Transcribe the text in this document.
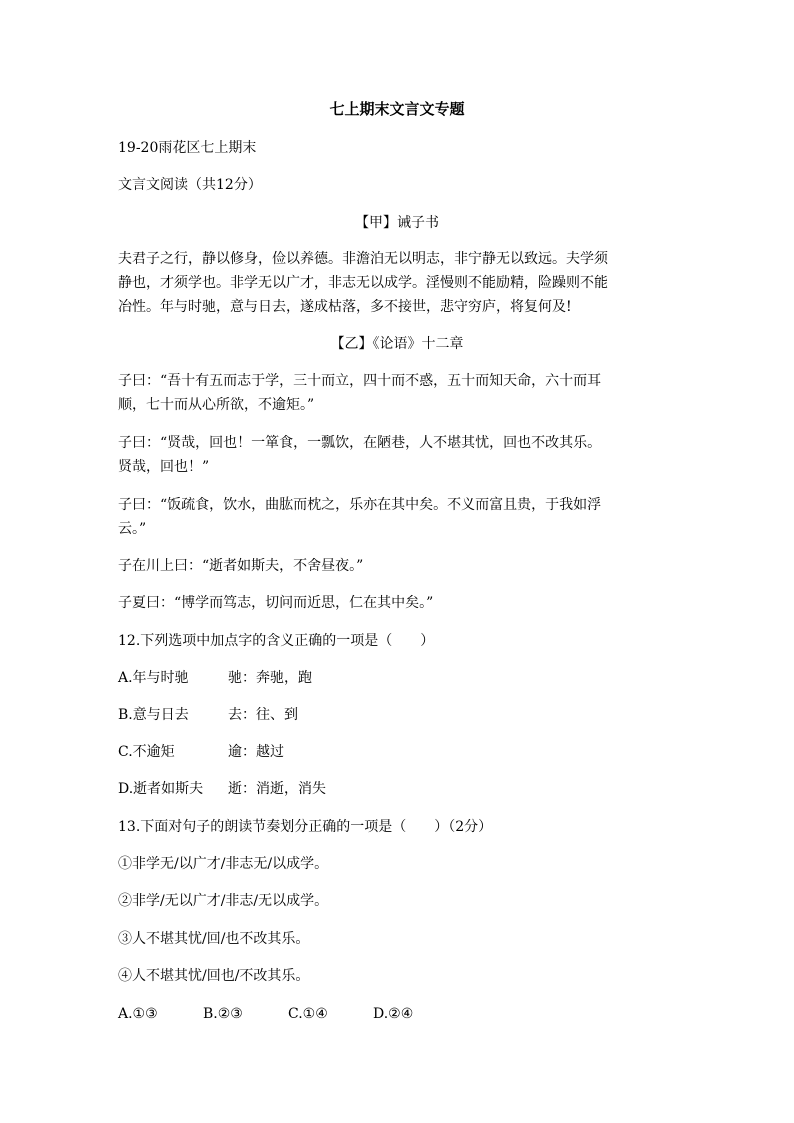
七上期末文言文专题

19-20雨花区七上期末

文言文阅读（共12分）

【甲】诫子书

夫君子之行，静以修身，俭以养德。非澹泊无以明志，非宁静无以致远。夫学须

静也，才须学也。非学无以广才，非志无以成学。淫慢则不能励精，险躁则不能

冶性。年与时驰，意与日去，遂成枯落，多不接世，悲守穷庐，将复何及!

【乙】《论语》十二章

子曰：“吾十有五而志于学，三十而立，四十而不惑，五十而知天命，六十而耳

顺，七十而从心所欲，不逾矩。”

子曰：“贤哉，回也！一箪食，一瓢饮，在陋巷，人不堪其忧，回也不改其乐。

贤哉，回也！”

子曰：“饭疏食，饮水，曲肱而枕之，乐亦在其中矣。不义而富且贵，于我如浮

云。”

子在川上曰：“逝者如斯夫，不舍昼夜。”

子夏曰：“博学而笃志，切问而近思，仁在其中矣。”

12.下列选项中加点字的含义正确的一项是（　　）

A.年与时驰	驰：奔驰，跑

B.意与日去	去：往、到

C.不逾矩	逾：越过

D.逝者如斯夫 逝：消逝，消失

13.下面对句子的朗读节奏划分正确的一项是（　　）（2分）

①非学无/以广才/非志无/以成学。

②非学/无以广才/非志/无以成学。

③人不堪其忧/回/也不改其乐。

④人不堪其忧/回也/不改其乐。

A.①③	B.②③	C.①④	D.②④
